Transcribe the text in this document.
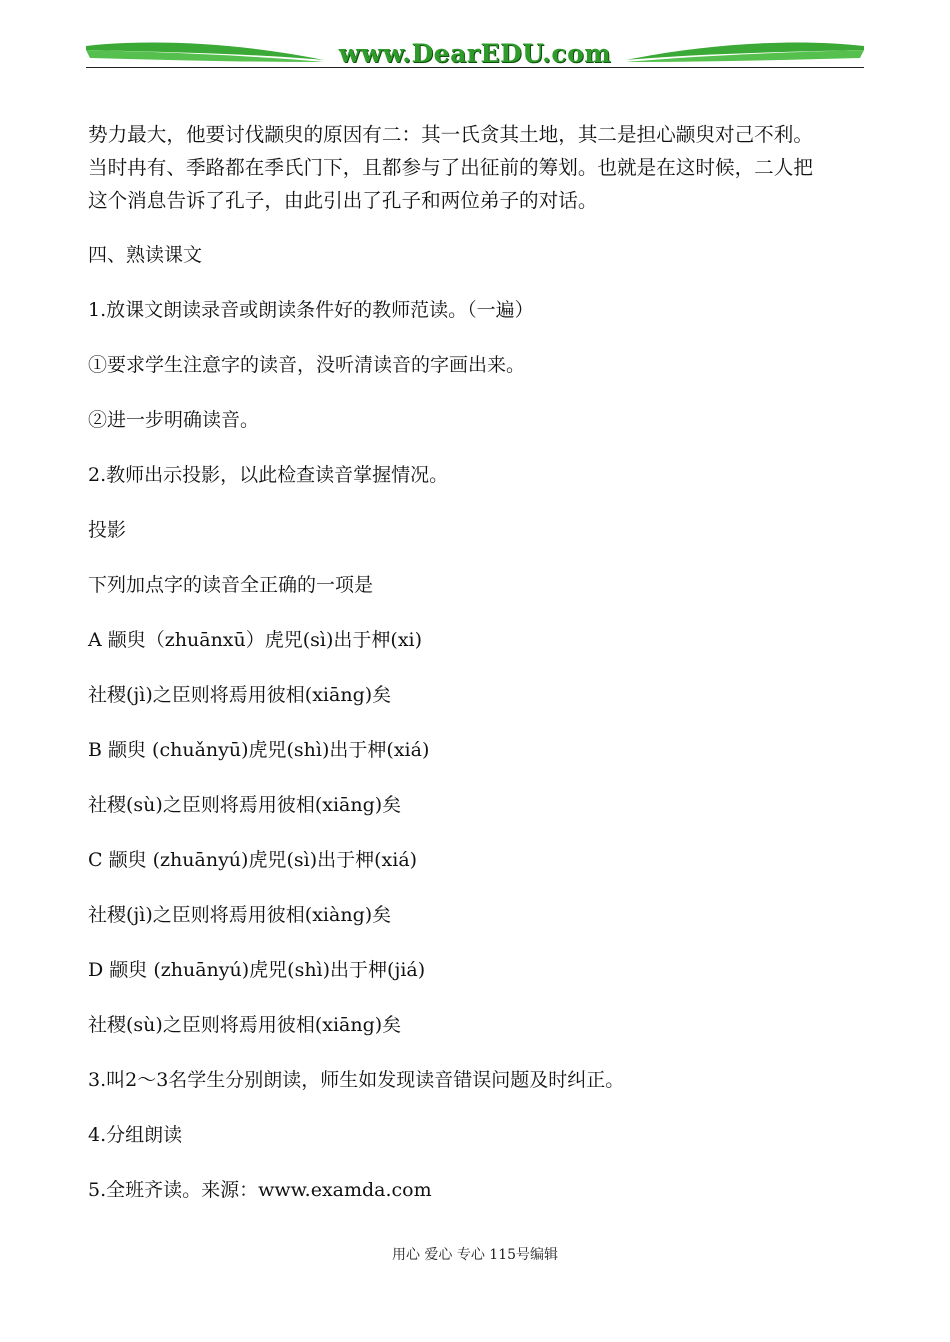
www.DearEDU.com

势力最大，他要讨伐颛臾的原因有二：其一氏贪其土地，其二是担心颛臾对己不利。
当时冉有、季路都在季氏门下，且都参与了出征前的筹划。也就是在这时候，二人把
这个消息告诉了孔子，由此引出了孔子和两位弟子的对话。

四、熟读课文

1.放课文朗读录音或朗读条件好的教师范读。（一遍）

①要求学生注意字的读音，没听清读音的字画出来。

②进一步明确读音。

2.教师出示投影，以此检查读音掌握情况。

投影

下列加点字的读音全正确的一项是

A 颛臾（zhuānxū）虎兕(sì)出于柙(xi)

社稷(jì)之臣则将焉用彼相(xiāng)矣

B 颛臾 (chuǎnyū)虎兕(shì)出于柙(xiá)

社稷(sù)之臣则将焉用彼相(xiāng)矣

C 颛臾 (zhuānyú)虎兕(sì)出于柙(xiá)

社稷(jì)之臣则将焉用彼相(xiàng)矣

D 颛臾 (zhuānyú)虎兕(shì)出于柙(jiá)

社稷(sù)之臣则将焉用彼相(xiāng)矣

3.叫2～3名学生分别朗读，师生如发现读音错误问题及时纠正。

4.分组朗读

5.全班齐读。来源：www.examda.com

用心 爱心 专心 115号编辑
